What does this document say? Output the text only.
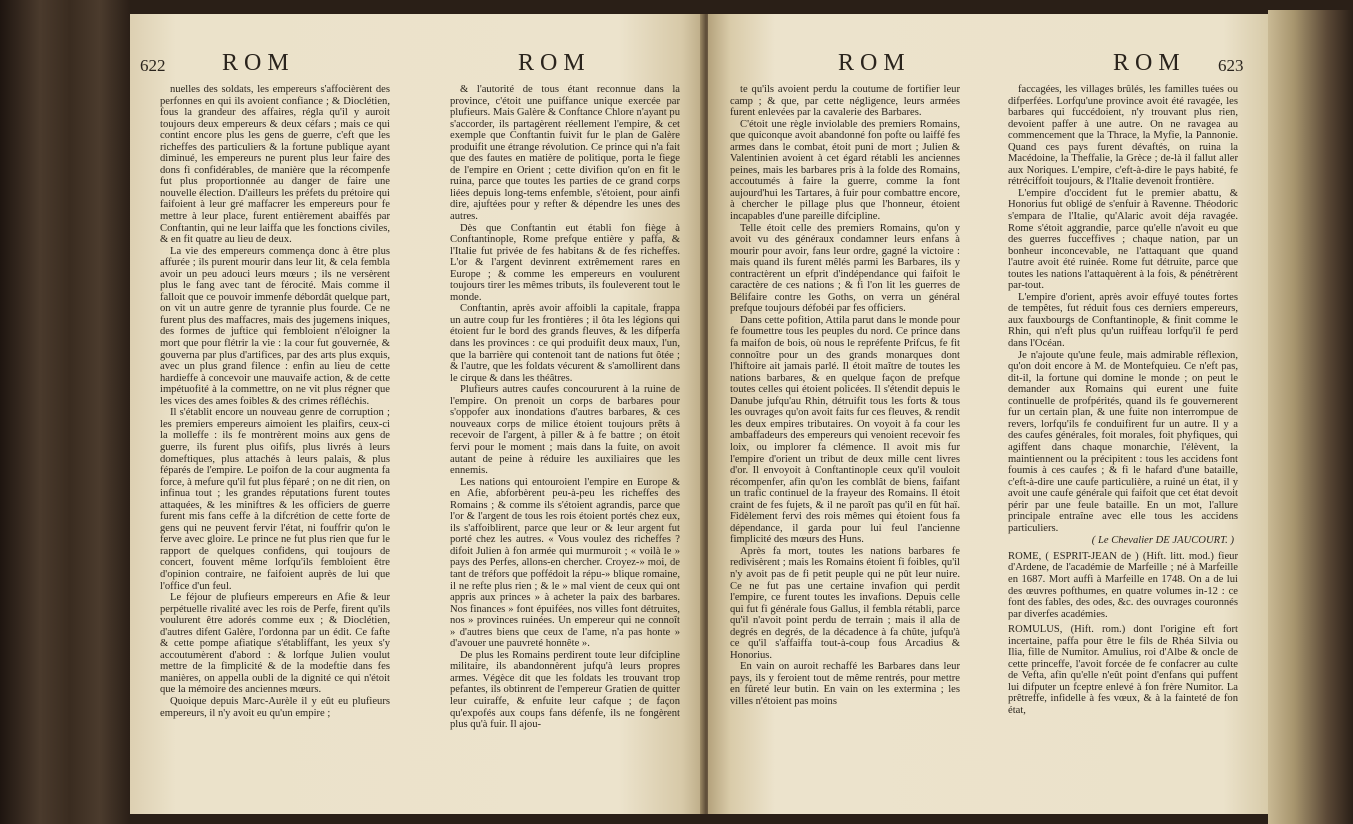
622 ROM	ROM

nuelles des soldats, les empereurs s'affocièrent des perfonnes en qui ils avoient confiance ; & Dioclétien, fous la grandeur des affaires, régla qu'il y auroit toujours deux empereurs & deux céfars ; mais ce qui contint encore plus les gens de guerre, c'eft que les richeffes des particuliers & la fortune publique ayant diminué, les empereurs ne purent plus leur faire des dons fi confidérables, de manière que la récompenfe fut plus proportionnée au danger de faire une nouvelle élection. D'ailleurs les préfets du prétoire qui faifoient à leur gré maffacrer les empereurs pour fe mettre à leur place, furent entièrement abaiffés par Conftantin, qui ne leur laiffa que les fonctions civiles, & en fit quatre au lieu de deux.

La vie des empereurs commença donc à être plus affurée ; ils purent mourir dans leur lit, & cela fembla avoir un peu adouci leurs mœurs ; ils ne versèrent plus le fang avec tant de férocité. Mais comme il falloit que ce pouvoir immenfe débordât quelque part, on vit un autre genre de tyrannie plus fourde. Ce ne furent plus des maffacres, mais des jugemens iniques, des formes de juftice qui fembloient n'éloigner la mort que pour flétrir la vie : la cour fut gouvernée, & gouverna par plus d'artifices, par des arts plus exquis, avec un plus grand filence : enfin au lieu de cette hardieffe à concevoir une mauvaife action, & de cette impétuofité à la commettre, on ne vit plus régner que les vices des ames foibles & des crimes réfléchis.

Il s'établit encore un nouveau genre de corruption ; les premiers empereurs aimoient les plaifirs, ceux-ci la molleffe : ils fe montrèrent moins aux gens de guerre, ils furent plus oififs, plus livrés à leurs domeftiques, plus attachés à leurs palais, & plus féparés de l'empire. Le poifon de la cour augmenta fa force, à mefure qu'il fut plus féparé ; on ne dit rien, on infinua tout ; les grandes réputations furent toutes attaquées, & les miniftres & les officiers de guerre furent mis fans ceffe à la difcrétion de cette forte de gens qui ne peuvent fervir l'état, ni fouffrir qu'on le ferve avec gloire. Le prince ne fut plus rien que fur le rapport de quelques confidens, qui toujours de concert, fouvent même lorfqu'ils fembloient être d'opinion contraire, ne faifoient auprès de lui que l'office d'un feul.

Le féjour de plufieurs empereurs en Afie & leur perpétuelle rivalité avec les rois de Perfe, firent qu'ils voulurent être adorés comme eux ; & Dioclétien, d'autres difent Galère, l'ordonna par un édit. Ce fafte & cette pompe afiatique s'établiffant, les yeux s'y accoutumèrent d'abord : & lorfque Julien voulut mettre de la fimplicité & de la modeftie dans fes manières, on appella oubli de la dignité ce qui n'étoit que la mémoire des anciennes mœurs.

Quoique depuis Marc-Aurèle il y eût eu plufieurs empereurs, il n'y avoit eu qu'un empire ;

& l'autorité de tous étant reconnue dans la province, c'étoit une puiffance unique exercée par plufieurs. Mais Galère & Conftance Chlore n'ayant pu s'accorder, ils partagèrent réellement l'empire, & cet exemple que Conftantin fuivit fur le plan de Galère produifit une étrange révolution. Ce prince qui n'a fait que des fautes en matière de politique, porta le fiege de l'empire en Orient ; cette divifion qu'on en fit le ruina, parce que toutes les parties de ce grand corps liées depuis long-tems enfemble, s'étoient, pour ainfi dire, ajuftées pour y refter & dépendre les unes des autres.

Dès que Conftantin eut établi fon fiège à Conftantinople, Rome prefque entière y paffa, & l'Italie fut privée de fes habitans & de fes richeffes. L'or & l'argent devinrent extrêmement rares en Europe ; & comme les empereurs en voulurent toujours tirer les mêmes tributs, ils fouleverent tout le monde.

Conftantin, après avoir affoibli la capitale, frappa un autre coup fur les frontières ; il ôta les légions qui étoient fur le bord des grands fleuves, & les difperfa dans les provinces : ce qui produifit deux maux, l'un, que la barrière qui contenoit tant de nations fut ôtée ; & l'autre, que les foldats vécurent & s'amollirent dans le cirque & dans les théâtres.

Plufieurs autres caufes concoururent à la ruine de l'empire. On prenoit un corps de barbares pour s'oppofer aux inondations d'autres barbares, & ces nouveaux corps de milice étoient toujours prêts à recevoir de l'argent, à piller & à fe battre ; on étoit fervi pour le moment ; mais dans la fuite, on avoit autant de peine à réduire les auxiliaires que les ennemis.

Les nations qui entouroient l'empire en Europe & en Afie, abforbèrent peu-à-peu les richeffes des Romains ; & comme ils s'étoient agrandis, parce que l'or & l'argent de tous les rois étoient portés chez eux, ils s'affoiblirent, parce que leur or & leur argent fut porté chez les autres. « Vous voulez des richeffes ? difoit Julien à fon armée qui murmuroit ; « voilà le » pays des Perfes, allons-en chercher. Croyez-» moi, de tant de tréfors que poffédoit la répu-» blique romaine, il ne refte plus rien ; & le » mal vient de ceux qui ont appris aux princes » à acheter la paix des barbares. Nos finances » font épuifées, nos villes font détruites, nos » provinces ruinées. Un empereur qui ne connoît » d'autres biens que ceux de l'ame, n'a pas honte » d'avouer une pauvreté honnête ».

De plus les Romains perdirent toute leur difcipline militaire, ils abandonnèrent jufqu'à leurs propres armes. Végèce dit que les foldats les trouvant trop pefantes, ils obtinrent de l'empereur Gratien de quitter leur cuiraffe, & enfuite leur cafque ; de façon qu'expofés aux coups fans défenfe, ils ne fongèrent plus qu'à fuir. Il ajou-

ROM	ROM 623

te qu'ils avoient perdu la coutume de fortifier leur camp ; & que, par cette négligence, leurs armées furent enlevées par la cavalerie des Barbares.

C'étoit une règle inviolable des premiers Romains, que quiconque avoit abandonné fon pofte ou laiffé fes armes dans le combat, étoit puni de mort ; Julien & Valentinien avoient à cet égard rétabli les anciennes peines, mais les barbares pris à la folde des Romains, accoutumés à faire la guerre, comme la font aujourd'hui les Tartares, à fuir pour combattre encore, à chercher le pillage plus que l'honneur, étoient incapables d'une pareille difcipline.

Telle étoit celle des premiers Romains, qu'on y avoit vu des généraux condamner leurs enfans à mourir pour avoir, fans leur ordre, gagné la victoire : mais quand ils furent mêlés parmi les Barbares, ils y contractèrent un efprit d'indépendance qui faifoit le caractère de ces nations ; & fi l'on lit les guerres de Bélifaire contre les Goths, on verra un général prefque toujours défobéi par fes officiers.

Dans cette pofition, Attila parut dans le monde pour fe foumettre tous les peuples du nord. Ce prince dans fa maifon de bois, où nous le repréfente Prifcus, fe fit connoître pour un des grands monarques dont l'hiftoire ait jamais parlé. Il étoit maître de toutes les nations barbares, & en quelque façon de prefque toutes celles qui étoient policées. Il s'étendit depuis le Danube jufqu'au Rhin, détruifit tous les forts & tous les ouvrages qu'on avoit faits fur ces fleuves, & rendit les deux empires tributaires. On voyoit à fa cour les ambaffadeurs des empereurs qui venoient recevoir fes loix, ou implorer fa clémence. Il avoit mis fur l'empire d'orient un tribut de deux mille cent livres d'or. Il envoyoit à Conftantinople ceux qu'il vouloit récompenfer, afin qu'on les comblât de biens, faifant un trafic continuel de la frayeur des Romains. Il étoit craint de fes fujets, & il ne paroît pas qu'il en fût haï. Fidèlement fervi des rois mêmes qui étoient fous fa dépendance, il garda pour lui feul l'ancienne fimplicité des mœurs des Huns.

Après fa mort, toutes les nations barbares fe redivisèrent ; mais les Romains étoient fi foibles, qu'il n'y avoit pas de fi petit peuple qui ne pût leur nuire. Ce ne fut pas une certaine invafion qui perdit l'empire, ce furent toutes les invafions. Depuis celle qui fut fi générale fous Gallus, il fembla rétabli, parce qu'il n'avoit point perdu de terrain ; mais il alla de degrés en degrés, de la décadence à fa chûte, jufqu'à ce qu'il s'affaiffa tout-à-coup fous Arcadius & Honorius.

En vain on auroit rechaffé les Barbares dans leur pays, ils y feroient tout de même rentrés, pour mettre en fûreté leur butin. En vain on les extermina ; les villes n'étoient pas moins

faccagées, les villages brûlés, les familles tuées ou difperfées. Lorfqu'une province avoit été ravagée, les barbares qui fuccédoient, n'y trouvant plus rien, devoient paffer à une autre. On ne ravagea au commencement que la Thrace, la Myfie, la Pannonie. Quand ces pays furent dévaftés, on ruina la Macédoine, la Theffalie, la Grèce ; de-là il fallut aller aux Noriques. L'empire, c'eft-à-dire le pays habité, fe rétréciffoit toujours, & l'Italie devenoit frontière.

L'empire d'occident fut le premier abattu, & Honorius fut obligé de s'enfuir à Ravenne. Théodoric s'empara de l'Italie, qu'Alaric avoit déja ravagée. Rome s'étoit aggrandie, parce qu'elle n'avoit eu que des guerres fucceffives ; chaque nation, par un bonheur inconcevable, ne l'attaquant que quand l'autre avoit été ruinée. Rome fut détruite, parce que toutes les nations l'attaquèrent à la fois, & pénétrèrent par-tout.

L'empire d'orient, après avoir effuyé toutes fortes de tempêtes, fut réduit fous ces derniers empereurs, aux fauxbourgs de Conftantinople, & finit comme le Rhin, qui n'eft plus qu'un ruiffeau lorfqu'il fe perd dans l'Océan.

Je n'ajoute qu'une feule, mais admirable réflexion, qu'on doit encore à M. de Montefquieu. Ce n'eft pas, dit-il, la fortune qui domine le monde ; on peut le demander aux Romains qui eurent une fuite continuelle de profpérités, quand ils fe gouvernerent fur un certain plan, & une fuite non interrompue de revers, lorfqu'ils fe conduifirent fur un autre. Il y a des caufes générales, foit morales, foit phyfiques, qui agiffent dans chaque monarchie, l'élèvent, la maintiennent ou la précipitent : tous les accidens font foumis à ces caufes ; & fi le hafard d'une bataille, c'eft-à-dire une caufe particulière, a ruiné un état, il y avoit une caufe générale qui faifoit que cet état devoit périr par une feule bataille. En un mot, l'allure principale entraîne avec elle tous les accidens particuliers.

( Le Chevalier DE JAUCOURT. )

ROME, ( ESPRIT-JEAN de ) (Hift. litt. mod.) fieur d'Ardene, de l'académie de Marfeille ; né à Marfeille en 1687. Mort auffi à Marfeille en 1748. On a de lui des œuvres pofthumes, en quatre volumes in-12 : ce font des fables, des odes, &c. des ouvrages couronnés par diverfes académies.

ROMULUS, (Hift. rom.) dont l'origine eft fort incertaine, paffa pour être le fils de Rhéa Silvia ou Ilia, fille de Numitor. Amulius, roi d'Albe & oncle de cette princeffe, l'avoit forcée de fe confacrer au culte de Vefta, afin qu'elle n'eût point d'enfans qui puffent lui difputer un fceptre enlevé à fon frère Numitor. La prêtreffe, infidelle à fes vœux, & à la fainteté de fon état,
